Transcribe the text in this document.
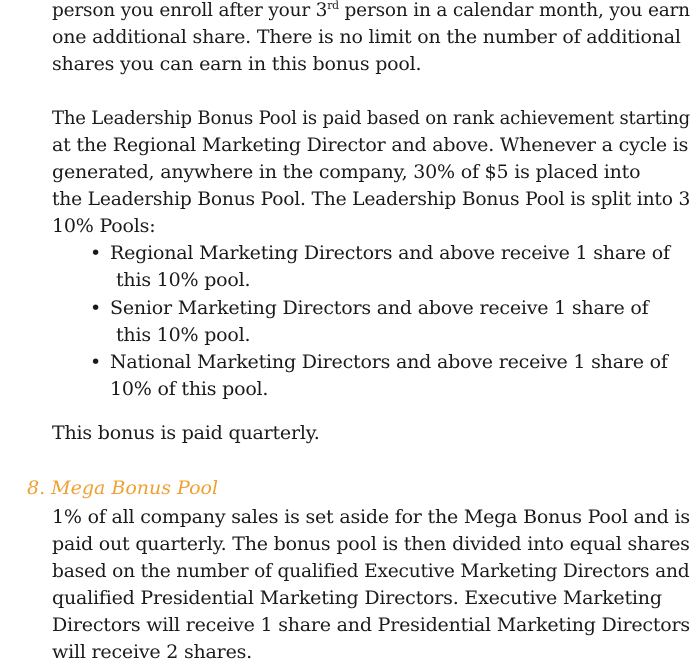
person you enroll after your 3rd person in a calendar month, you earn
one additional share. There is no limit on the number of additional
shares you can earn in this bonus pool.
The Leadership Bonus Pool is paid based on rank achievement starting
at the Regional Marketing Director and above. Whenever a cycle is
generated, anywhere in the company, 30% of $5 is placed into
the Leadership Bonus Pool. The Leadership Bonus Pool is split into 3
10% Pools:
• Regional Marketing Directors and above receive 1 share of
this 10% pool.
• Senior Marketing Directors and above receive 1 share of
this 10% pool.
• National Marketing Directors and above receive 1 share of
10% of this pool.
This bonus is paid quarterly.
8. Mega Bonus Pool
1% of all company sales is set aside for the Mega Bonus Pool and is
paid out quarterly. The bonus pool is then divided into equal shares
based on the number of qualified Executive Marketing Directors and
qualified Presidential Marketing Directors. Executive Marketing
Directors will receive 1 share and Presidential Marketing Directors
will receive 2 shares.
